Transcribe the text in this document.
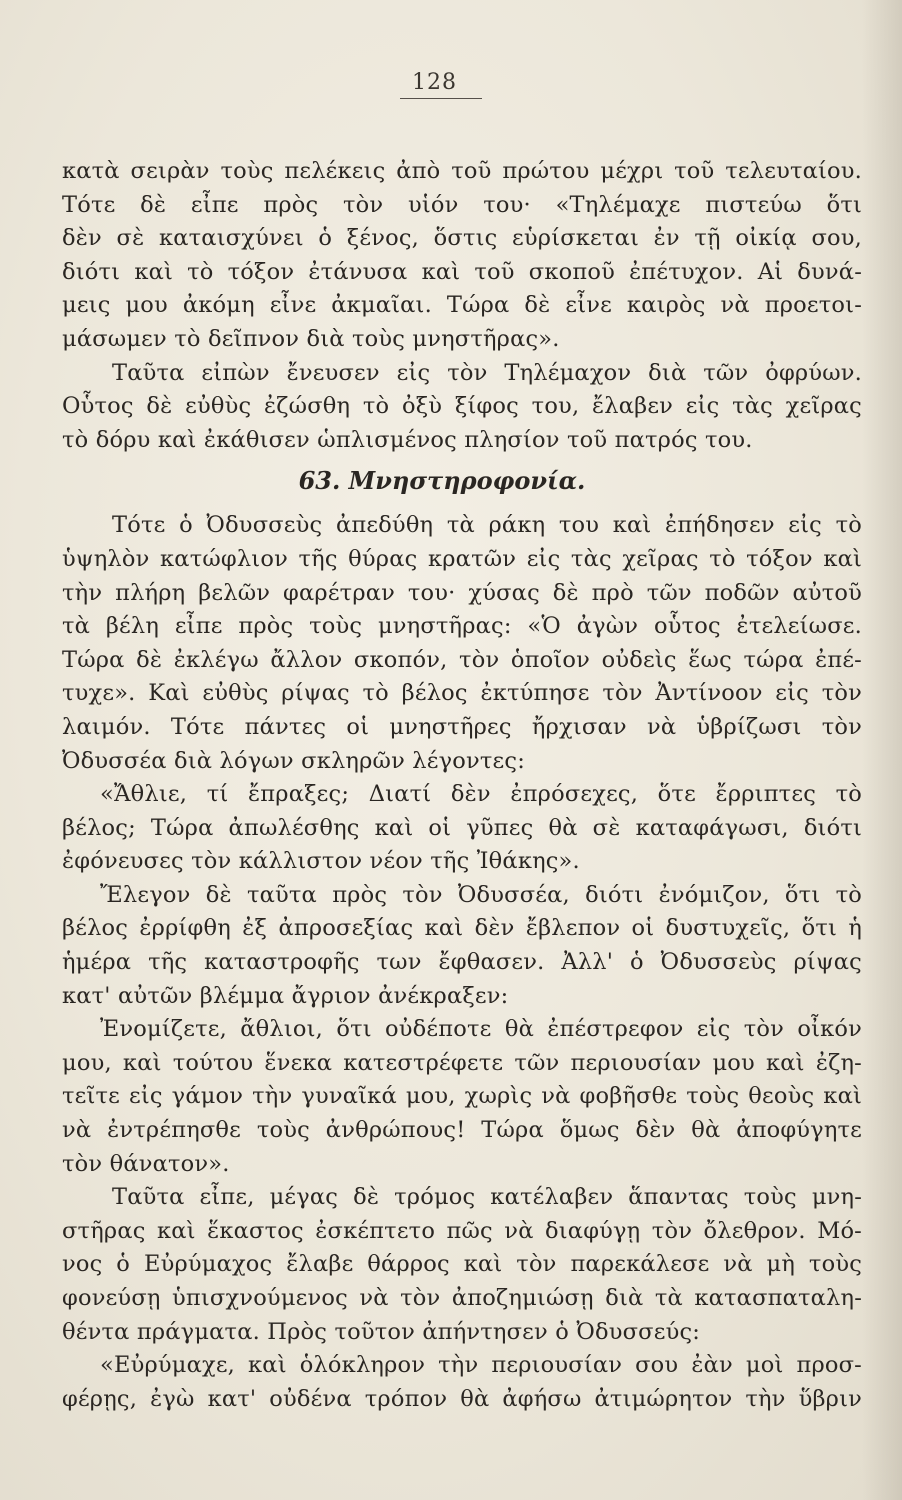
128
κατὰ σειρὰν τοὺς πελέκεις ἀπὸ τοῦ πρώτου μέχρι τοῦ τελευταίου.
Τότε δὲ εἶπε πρὸς τὸν υἱόν του· «Τηλέμαχε πιστεύω ὅτι
δὲν σὲ καταισχύνει ὁ ξένος, ὅστις εὑρίσκεται ἐν τῇ οἰκίᾳ σου,
διότι καὶ τὸ τόξον ἐτάνυσα καὶ τοῦ σκοποῦ ἐπέτυχον. Αἱ δυνά-
μεις μου ἀκόμη εἶνε ἀκμαῖαι. Τώρα δὲ εἶνε καιρὸς νὰ προετοι-
μάσωμεν τὸ δεῖπνον διὰ τοὺς μνηστῆρας».
Ταῦτα εἰπὼν ἔνευσεν εἰς τὸν Τηλέμαχον διὰ τῶν ὀφρύων.
Οὗτος δὲ εὐθὺς ἐζώσθη τὸ ὀξὺ ξίφος του, ἔλαβεν εἰς τὰς χεῖρας
τὸ δόρυ καὶ ἐκάθισεν ὡπλισμένος πλησίον τοῦ πατρός του.
63. Μνηστηροφονία.
Τότε ὁ Ὀδυσσεὺς ἀπεδύθη τὰ ράκη του καὶ ἐπήδησεν εἰς τὸ
ὑψηλὸν κατώφλιον τῆς θύρας κρατῶν εἰς τὰς χεῖρας τὸ τόξον καὶ
τὴν πλήρη βελῶν φαρέτραν του· χύσας δὲ πρὸ τῶν ποδῶν αὐτοῦ
τὰ βέλη εἶπε πρὸς τοὺς μνηστῆρας: «Ὁ ἀγὼν οὗτος ἐτελείωσε.
Τώρα δὲ ἐκλέγω ἄλλον σκοπόν, τὸν ὁποῖον οὐδεὶς ἕως τώρα ἐπέ-
τυχε». Καὶ εὐθὺς ρίψας τὸ βέλος ἐκτύπησε τὸν Ἀντίνοον εἰς τὸν
λαιμόν. Τότε πάντες οἱ μνηστῆρες ἤρχισαν νὰ ὑβρίζωσι τὸν
Ὀδυσσέα διὰ λόγων σκληρῶν λέγοντες:
«Ἄθλιε, τί ἔπραξες; Διατί δὲν ἐπρόσεχες, ὅτε ἔρριπτες τὸ
βέλος; Τώρα ἀπωλέσθης καὶ οἱ γῦπες θὰ σὲ καταφάγωσι, διότι
ἐφόνευσες τὸν κάλλιστον νέον τῆς Ἰθάκης».
Ἔλεγον δὲ ταῦτα πρὸς τὸν Ὀδυσσέα, διότι ἐνόμιζον, ὅτι τὸ
βέλος ἐρρίφθη ἐξ ἀπροσεξίας καὶ δὲν ἔβλεπον οἱ δυστυχεῖς, ὅτι ἡ
ἡμέρα τῆς καταστροφῆς των ἔφθασεν. Ἀλλ' ὁ Ὀδυσσεὺς ρίψας
κατ' αὐτῶν βλέμμα ἄγριον ἀνέκραξεν:
Ἐνομίζετε, ἄθλιοι, ὅτι οὐδέποτε θὰ ἐπέστρεφον εἰς τὸν οἶκόν
μου, καὶ τούτου ἕνεκα κατεστρέφετε τῶν περιουσίαν μου καὶ ἐζη-
τεῖτε εἰς γάμον τὴν γυναῖκά μου, χωρὶς νὰ φοβῆσθε τοὺς θεοὺς καὶ
νὰ ἐντρέπησθε τοὺς ἀνθρώπους! Τώρα ὅμως δὲν θὰ ἀποφύγητε
τὸν θάνατον».
Ταῦτα εἶπε, μέγας δὲ τρόμος κατέλαβεν ἅπαντας τοὺς μνη-
στῆρας καὶ ἕκαστος ἐσκέπτετο πῶς νὰ διαφύγῃ τὸν ὄλεθρον. Μό-
νος ὁ Εὐρύμαχος ἔλαβε θάρρος καὶ τὸν παρεκάλεσε νὰ μὴ τοὺς
φονεύσῃ ὑπισχνούμενος νὰ τὸν ἀποζημιώσῃ διὰ τὰ κατασπαταλη-
θέντα πράγματα. Πρὸς τοῦτον ἀπήντησεν ὁ Ὀδυσσεύς:
«Εὐρύμαχε, καὶ ὁλόκληρον τὴν περιουσίαν σου ἐὰν μοὶ προσ-
φέρῃς, ἐγὼ κατ' οὐδένα τρόπον θὰ ἀφήσω ἀτιμώρητον τὴν ὕβριν
